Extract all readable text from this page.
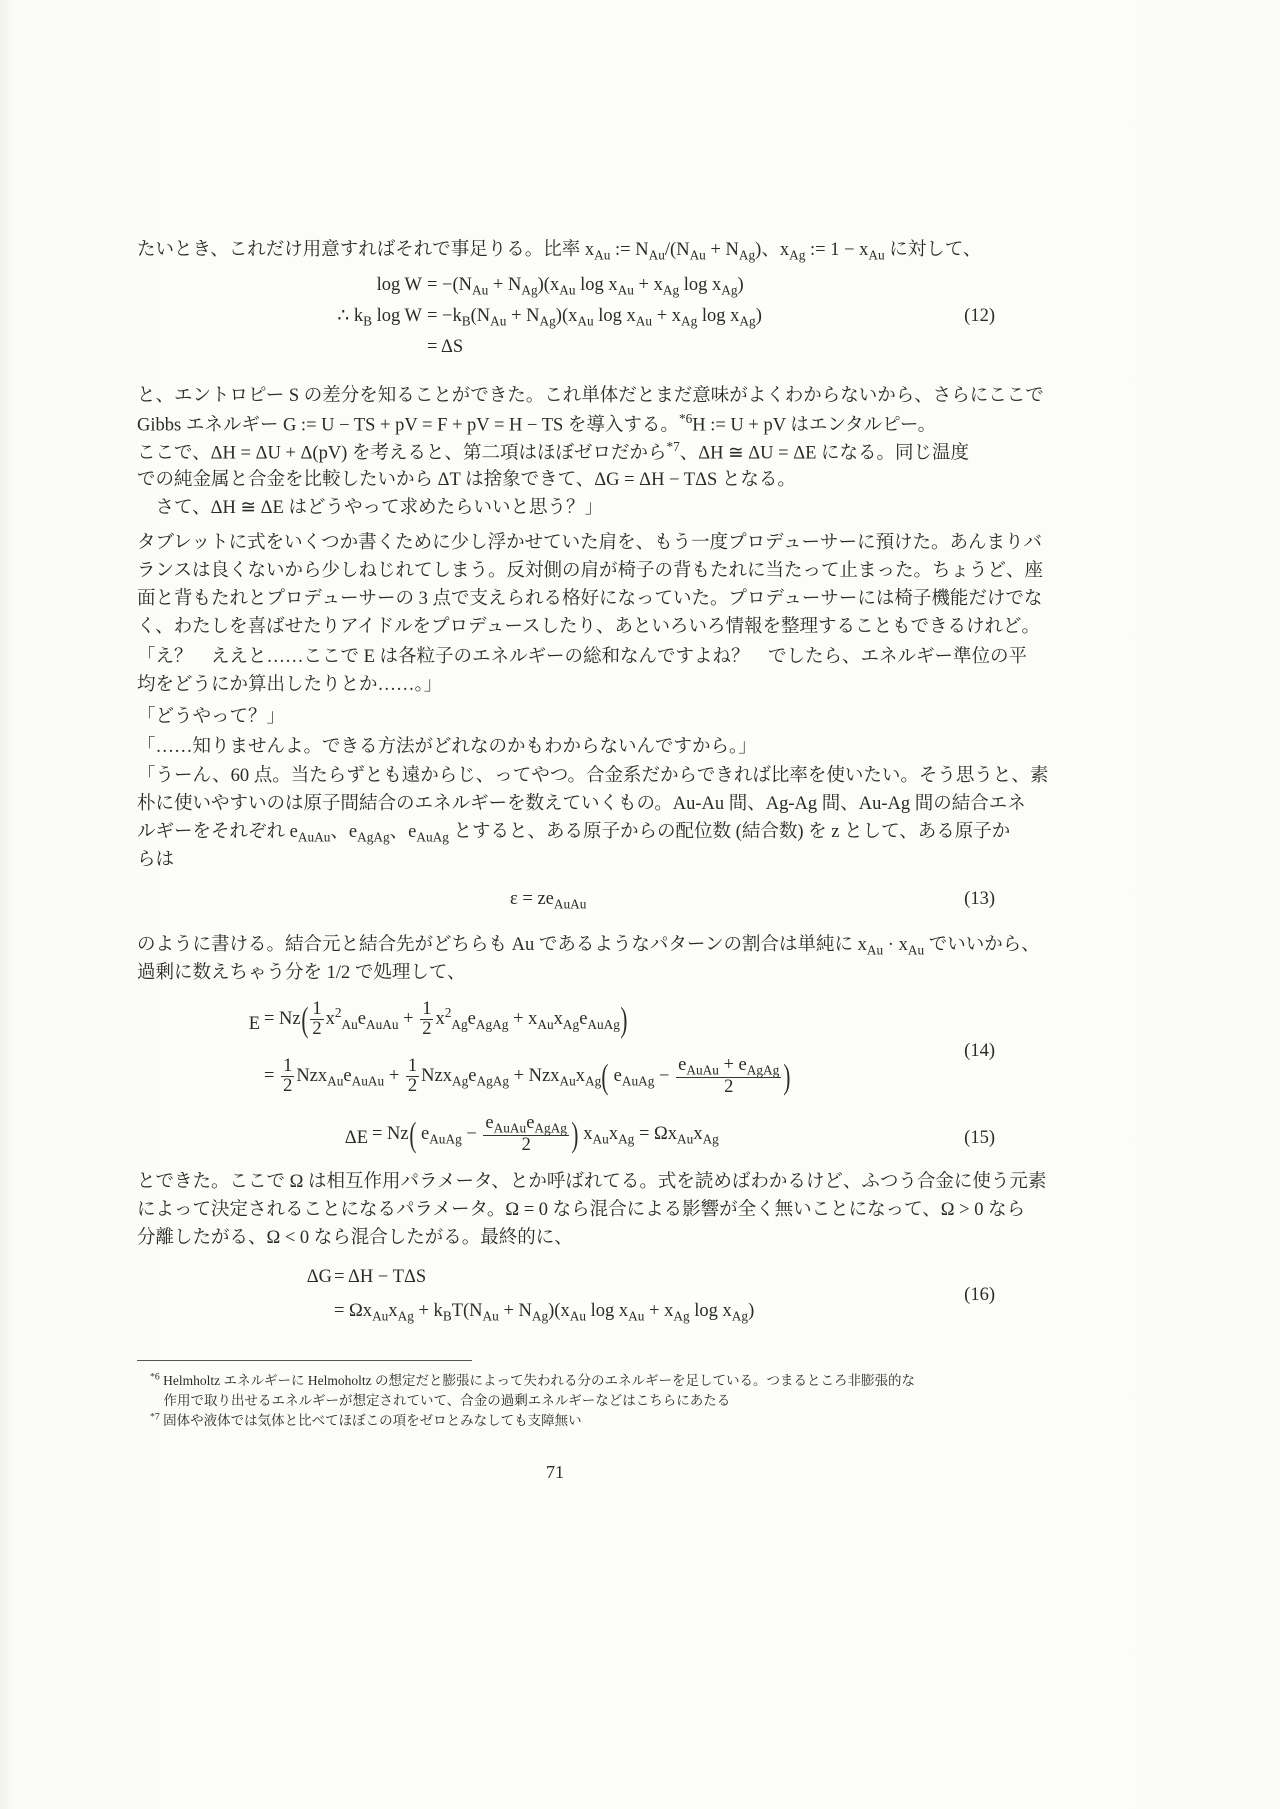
たいとき、これだけ用意すればそれで事足りる。比率 $x_{Au}$ := $N_{Au}/(N_{Au} + N_{Ag})$、$x_{Ag}$ := $1 - x_{Au}$ に対して、
$\log W = -(N_{Au} + N_{Ag})(x_{Au}$ $\log x_{Au} + x_{Ag}$ $\log x_{Ag}$)
∴ $k_B$ $\log W = -k_B(N_{Au} + N_{Ag})(x_{Au}$ $\log x_{Au} + x_{Ag}$ $\log x_{Ag}$)
= ΔS
(12)
と、エントロピー S の差分を知ることができた。これ単体だとまだ意味がよくわからないから、さらにここで
Gibbs エネルギー G := U − TS + pV = F + pV = H − TS を導入する。$^{*6}$H := U + pV はエンタルピー。
ここで、ΔH = ΔU + Δ(pV) を考えると、第二項はほぼゼロだから$^{*7}$、ΔH ≅ ΔU = ΔE になる。同じ温度
での純金属と合金を比較したいから ΔT は捨象できて、ΔG = ΔH − TΔS となる。
　さて、ΔH ≅ ΔE はどうやって求めたらいいと思う？」
タブレットに式をいくつか書くために少し浮かせていた肩を、もう一度プロデューサーに預けた。あんまりバ
ランスは良くないから少しねじれてしまう。反対側の肩が椅子の背もたれに当たって止まった。ちょうど、座
面と背もたれとプロデューサーの 3 点で支えられる格好になっていた。プロデューサーには椅子機能だけでな
く、わたしを喜ばせたりアイドルをプロデュースしたり、あといろいろ情報を整理することもできるけれど。
「え？　ええと……ここで E は各粒子のエネルギーの総和なんですよね？　でしたら、エネルギー準位の平
均をどうにか算出したりとか……。」
「どうやって？」
「……知りませんよ。できる方法がどれなのかもわからないんですから。」
「うーん、60 点。当たらずとも遠からじ、ってやつ。合金系だからできれば比率を使いたい。そう思うと、素
朴に使いやすいのは原子間結合のエネルギーを数えていくもの。Au-Au 間、Ag-Ag 間、Au-Ag 間の結合エネ
ルギーをそれぞれ $e_{AuAu}$、$e_{AgAg}$、$e_{AuAg}$ とすると、ある原子からの配位数 (結合数) を z として、ある原子か
らは
$\varepsilon = ze_{AuAu}$	(13)
のように書ける。結合元と結合先がどちらも Au であるようなパターンの割合は単純に $x_{Au} \cdot x_{Au}$ でいいから、
過剰に数えちゃう分を 1/2 で処理して、
$E = Nz( \frac{1}{2} x^2_{Au}e_{AuAu} + \frac{1}{2} x^2_{Ag}e_{AgAg} + x_{Au}x_{Ag}e_{AuAg})$
= $\frac{1}{2} Nzx_{Au}e_{AuAu} + \frac{1}{2} Nzx_{Ag}e_{AgAg} + Nzx_{Au}x_{Ag}$( $e_{AuAg} - \frac{e_{AuAu} + e_{AgAg}}{2}$ )
(14)
ΔE = Nz( $e_{AuAg} - \frac{e_{AuAu}e_{AgAg}}{2}$ ) $x_{Au}x_{Ag} = \Omega x_{Au}x_{Ag}$	(15)
とできた。ここで Ω は相互作用パラメータ、とか呼ばれてる。式を読めばわかるけど、ふつう合金に使う元素
によって決定されることになるパラメータ。Ω = 0 なら混合による影響が全く無いことになって、Ω > 0 なら
分離したがる、Ω < 0 なら混合したがる。最終的に、
ΔG = ΔH − TΔS
= $\Omega x_{Au}x_{Ag} + k_BT(N_{Au} + N_{Ag})(x_{Au}$ $\log x_{Au} + x_{Ag}$ $\log x_{Ag}$)
(16)
$^{*6}$ Helmholtz エネルギーに Helmoholtz の想定だと膨張によって失われる分のエネルギーを足している。つまるところ非膨張的な
　作用で取り出せるエネルギーが想定されていて、合金の過剰エネルギーなどはこちらにあたる
$^{*7}$ 固体や液体では気体と比べてほぼこの項をゼロとみなしても支障無い
71
